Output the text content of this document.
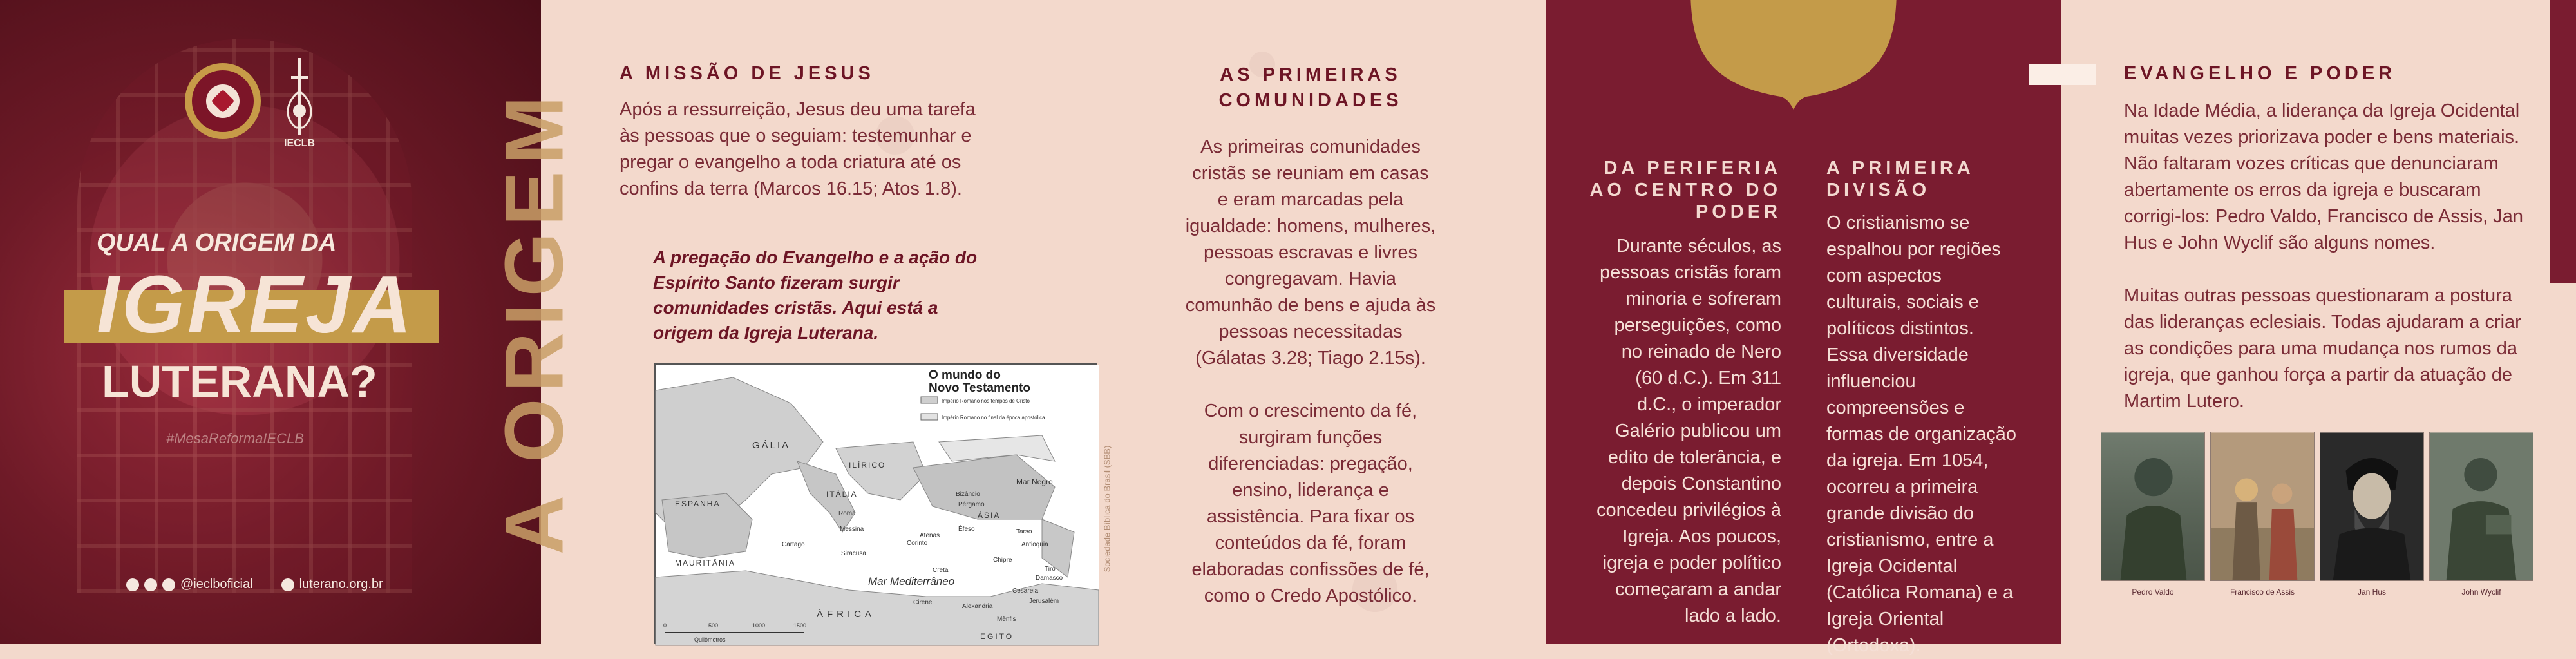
IECLB
QUAL A ORIGEM DA
IGREJA
LUTERANA?
#MesaReformaIECLB
@ieclboficial	luterano.org.br
A ORIGEM
A MISSÃO DE JESUS

Após a ressurreição, Jesus deu uma tarefa às pessoas que o seguiam: testemunhar e pregar o evangelho a toda criatura até os confins da terra (Marcos 16.15; Atos 1.8).

A pregação do Evangelho e a ação do Espírito Santo fizeram surgir comunidades cristãs. Aqui está a origem da Igreja Luterana.

Império Romano nos tempos de Cristo
Império Romano no final da época apostólica
O mundo do
Novo Testamento
GÁLIA
ESPANHA
ITÁLIA
ILÍRICO
MAURITÂNIA
ÁFRICA
Mar Mediterrâneo
Mar Negro
Bizâncio
Roma
Cartago
Siracusa
Atenas
Corinto
Éfeso
ÁSIA
Tarso
Antioquia
Creta
Chipre
Damasco
Jerusalém
Alexandria
Cesareia
Pérgamo
Mênfis
EGITO
Cirene
Tiro
Messina
0	500	1000	1500
Quilômetros
Sociedade Bíblica do Brasil (SBB)
AS PRIMEIRAS COMUNIDADES

As primeiras comunidades cristãs se reuniam em casas e eram marcadas pela igualdade: homens, mulheres, pessoas escravas e livres congregavam. Havia comunhão de bens e ajuda às pessoas necessitadas (Gálatas 3.28; Tiago 2.15s).

Com o crescimento da fé, surgiram funções diferenciadas: pregação, ensino, liderança e assistência. Para fixar os conteúdos da fé, foram elaboradas confissões de fé, como o Credo Apostólico.

DA PERIFERIA AO CENTRO DO PODER

Durante séculos, as pessoas cristãs foram minoria e sofreram perseguições, como no reinado de Nero (60 d.C.). Em 311 d.C., o imperador Galério publicou um edito de tolerância, e depois Constantino concedeu privilégios à Igreja. Aos poucos, igreja e poder político começaram a andar lado a lado.

A PRIMEIRA DIVISÃO

O cristianismo se espalhou por regiões com aspectos culturais, sociais e políticos distintos. Essa diversidade influenciou compreensões e formas de organização da igreja. Em 1054, ocorreu a primeira grande divisão do cristianismo, entre a Igreja Ocidental (Católica Romana) e a Igreja Oriental (Ortodoxa).

EVANGELHO E PODER

Na Idade Média, a liderança da Igreja Ocidental muitas vezes priorizava poder e bens materiais. Não faltaram vozes críticas que denunciaram abertamente os erros da igreja e buscaram corrigi-los: Pedro Valdo, Francisco de Assis, Jan Hus e John Wyclif são alguns nomes.

Muitas outras pessoas questionaram a postura das lideranças eclesiais. Todas ajudaram a criar as condições para uma mudança nos rumos da igreja, que ganhou força a partir da atuação de Martim Lutero.

Pedro Valdo	Francisco de Assis	Jan Hus	John Wyclif
